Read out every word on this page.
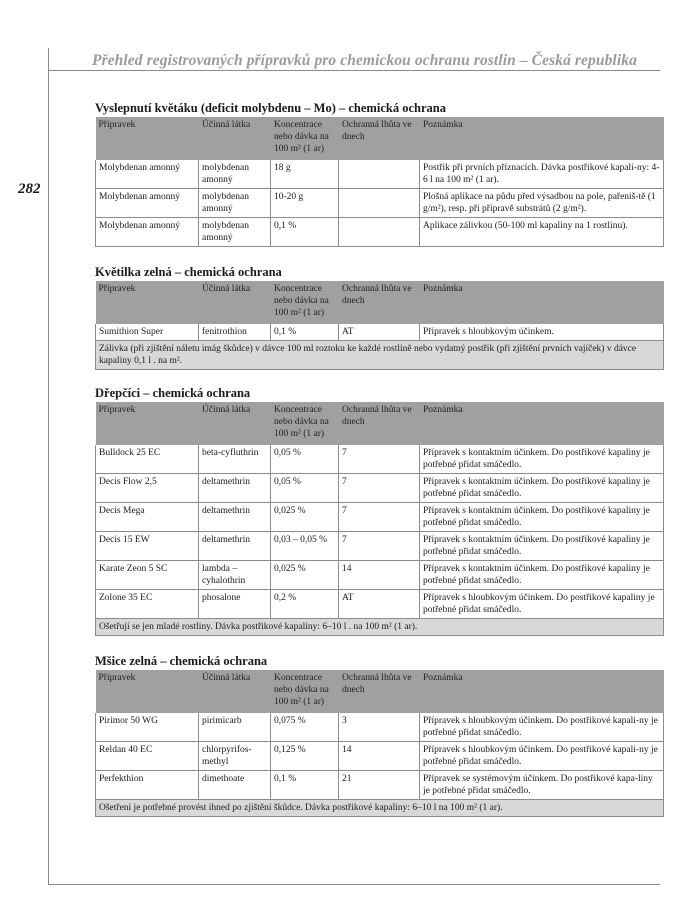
Přehled registrovaných přípravků pro chemickou ochranu rostlin – Česká republika
282
Vyslepnutí květáku (deficit molybdenu – Mo) – chemická ochrana
Přípravek	Účinná látka	Koncentrace nebo dávka na 100 m² (1 ar)	Ochranná lhůta ve dnech	Poznámka
Molybdenan amonný	molybdenan amonný	18 g		Postřik při prvních příznacích. Dávka postřikové kapali-ny: 4-6 l na 100 m² (1 ar).
Molybdenan amonný	molybdenan amonný	10-20 g		Plošná aplikace na půdu před výsadbou na pole, pařeniš-tě (1 g/m²), resp. při přípravě substrátů (2 g/m²).
Molybdenan amonný	molybdenan amonný	0,1 %		Aplikace zálivkou (50-100 ml kapaliny na 1 rostlinu).
Květilka zelná – chemická ochrana
Přípravek	Účinná látka	Koncentrace nebo dávka na 100 m² (1 ar)	Ochranná lhůta ve dnech	Poznámka
Sumithion Super	fenitrothion	0,1 %	AT	Přípravek s hloubkovým účinkem.
Zálivka (při zjištění náletu imág škůdce) v dávce 100 ml roztoku ke každé rostlině nebo vydatný postřik (při zjištění prvních vajíček) v dávce kapaliny 0,1 l . na m².				
Dřepčíci – chemická ochrana
Přípravek	Účinná látka	Koncentrace nebo dávka na 100 m² (1 ar)	Ochranná lhůta ve dnech	Poznámka
Bulldock 25 EC	beta-cyfluthrin	0,05 %	7	Přípravek s kontaktním účinkem. Do postřikové kapaliny je potřebné přidat smáčedlo.
Decis Flow 2,5	deltamethrin	0,05 %	7	Přípravek s kontaktním účinkem. Do postřikové kapaliny je potřebné přidat smáčedlo.
Decis Mega	deltamethrin	0,025 %	7	Přípravek s kontaktním účinkem. Do postřikové kapaliny je potřebné přidat smáčedlo.
Decis 15 EW	deltamethrin	0,03 – 0,05 %	7	Přípravek s kontaktním účinkem. Do postřikové kapaliny je potřebné přidat smáčedlo.
Karate Zeon 5 SC	lambda – cyhalothrin	0,025 %	14	Přípravek s kontaktním účinkem. Do postřikové kapaliny je potřebné přidat smáčedlo.
Zolone 35 EC	phosalone	0,2 %	AT	Přípravek s hloubkovým účinkem. Do postřikové kapaliny je potřebné přidat smáčedlo.
Ošetřují se jen mladé rostliny. Dávka postřikové kapaliny: 6–10 l . na 100 m² (1 ar).				
Mšice zelná – chemická ochrana
Přípravek	Účinná látka	Koncentrace nebo dávka na 100 m² (1 ar)	Ochranná lhůta ve dnech	Poznámka
Pirimor 50 WG	pirimicarb	0,075 %	3	Přípravek s hloubkovým účinkem. Do postřikové kapali-ny je potřebné přidat smáčedlo.
Reldan 40 EC	chlorpyrifos-methyl	0,125 %	14	Přípravek s hloubkovým účinkem. Do postřikové kapali-ny je potřebné přidat smáčedlo.
Perfekthion	dimethoate	0,1 %	21	Přípravek se systémovým účinkem. Do postřikové kapa-liny je potřebné přidat smáčedlo.
Ošetření je potřebné provést ihned po zjištění škůdce. Dávka postřikové kapaliny: 6–10 l na 100 m² (1 ar).				
